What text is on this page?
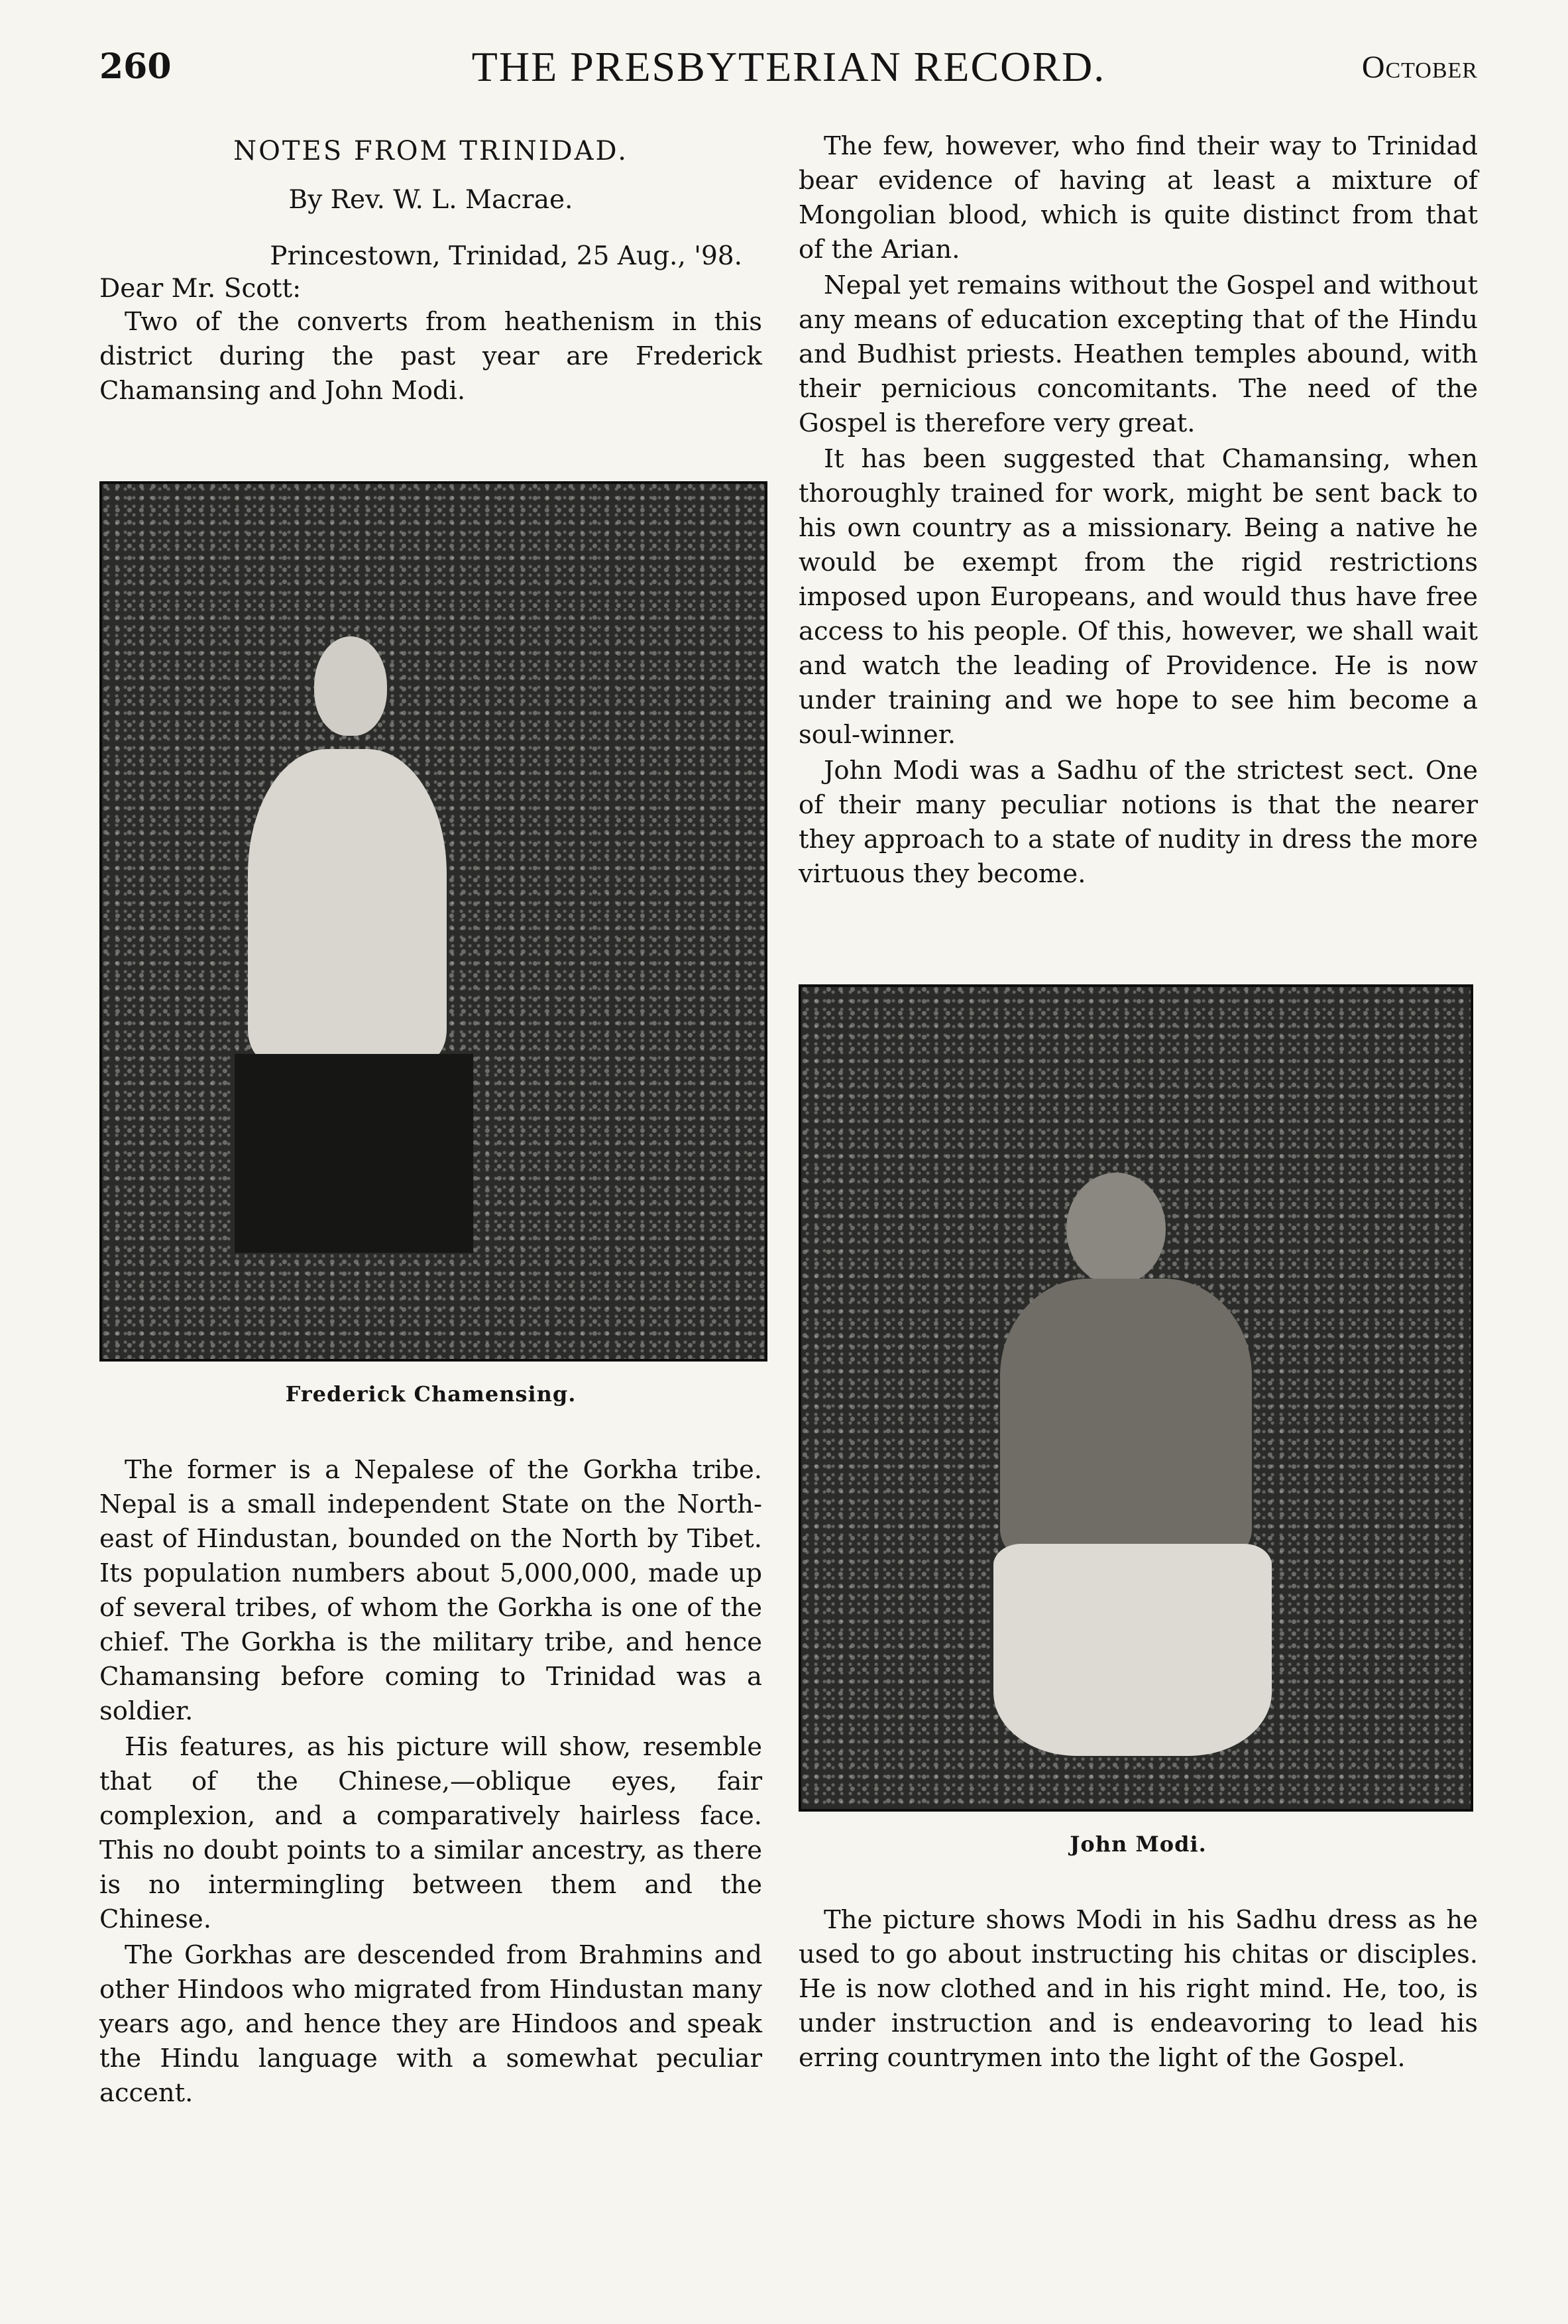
260	THE PRESBYTERIAN RECORD.	October
NOTES FROM TRINIDAD.
By Rev. W. L. Macrae.
Princestown, Trinidad, 25 Aug., '98.
Dear Mr. Scott:

Two of the converts from heathenism in this district during the past year are Frederick Chamansing and John Modi.

Frederick Chamensing.

The former is a Nepalese of the Gorkha tribe. Nepal is a small independent State on the North-east of Hindustan, bounded on the North by Tibet. Its population numbers about 5,000,000, made up of several tribes, of whom the Gorkha is one of the chief. The Gorkha is the military tribe, and hence Chamansing before coming to Trinidad was a soldier.

His features, as his picture will show, resemble that of the Chinese,—oblique eyes, fair complexion, and a comparatively hairless face. This no doubt points to a similar ancestry, as there is no intermingling between them and the Chinese.

The Gorkhas are descended from Brahmins and other Hindoos who migrated from Hindustan many years ago, and hence they are Hindoos and speak the Hindu language with a somewhat peculiar accent.

The few, however, who find their way to Trinidad bear evidence of having at least a mixture of Mongolian blood, which is quite distinct from that of the Arian.

Nepal yet remains without the Gospel and without any means of education excepting that of the Hindu and Budhist priests. Heathen temples abound, with their pernicious concomitants. The need of the Gospel is therefore very great.

It has been suggested that Chamansing, when thoroughly trained for work, might be sent back to his own country as a missionary. Being a native he would be exempt from the rigid restrictions imposed upon Europeans, and would thus have free access to his people. Of this, however, we shall wait and watch the leading of Providence. He is now under training and we hope to see him become a soul-winner.

John Modi was a Sadhu of the strictest sect. One of their many peculiar notions is that the nearer they approach to a state of nudity in dress the more virtuous they become.

John Modi.

The picture shows Modi in his Sadhu dress as he used to go about instructing his chitas or disciples. He is now clothed and in his right mind. He, too, is under instruction and is endeavoring to lead his erring countrymen into the light of the Gospel.
